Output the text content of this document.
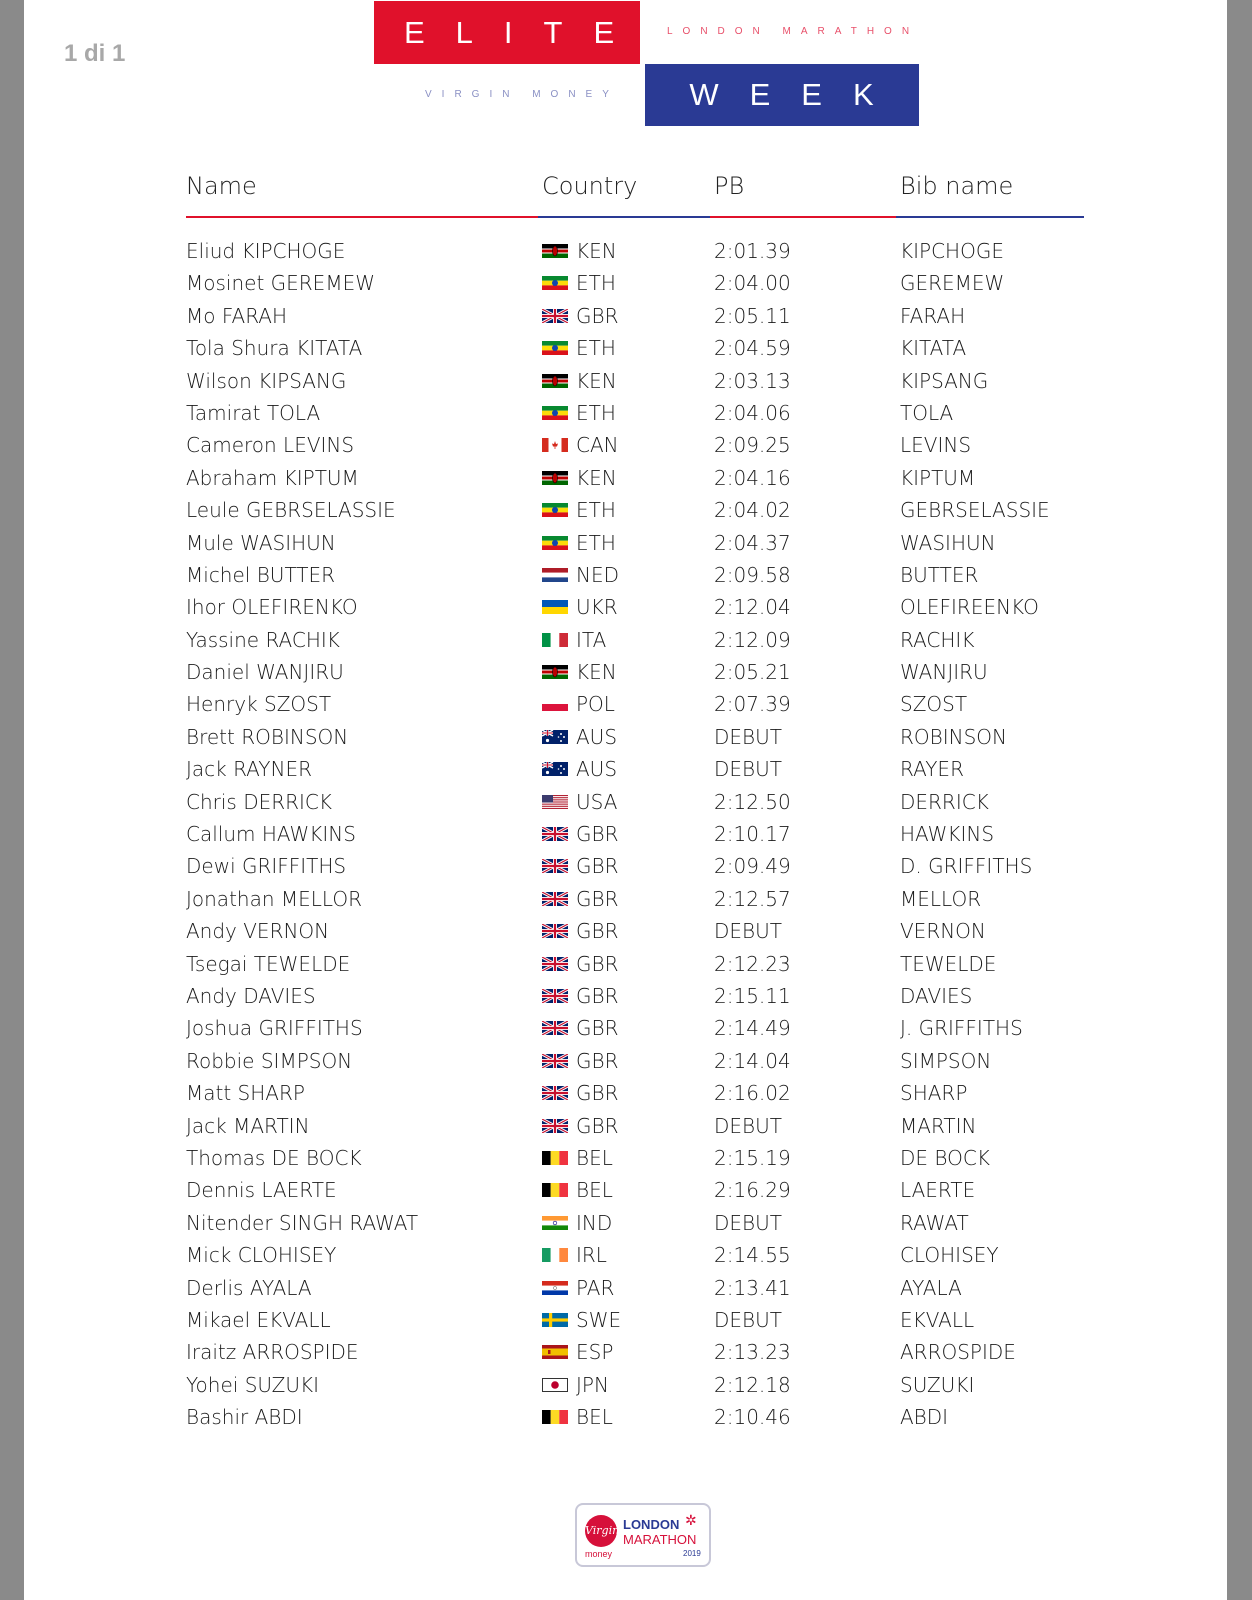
1 di 1
ELITE LONDON MARATHON
VIRGIN MONEY	WEEK
Name	Country	PB	Bib name
Eliud KIPCHOGE	KEN	2:01.39	KIPCHOGE
Mosinet GEREMEW	ETH	2:04.00	GEREMEW
Mo FARAH	GBR	2:05.11	FARAH
Tola Shura KITATA	ETH	2:04.59	KITATA
Wilson KIPSANG	KEN	2:03.13	KIPSANG
Tamirat TOLA	ETH	2:04.06	TOLA
Cameron LEVINS	CAN	2:09.25	LEVINS
Abraham KIPTUM	KEN	2:04.16	KIPTUM
Leule GEBRSELASSIE	ETH	2:04.02	GEBRSELASSIE
Mule WASIHUN	ETH	2:04.37	WASIHUN
Michel BUTTER	NED	2:09.58	BUTTER
Ihor OLEFIRENKO	UKR	2:12.04	OLEFIREENKO
Yassine RACHIK	ITA	2:12.09	RACHIK
Daniel WANJIRU	KEN	2:05.21	WANJIRU
Henryk SZOST	POL	2:07.39	SZOST
Brett ROBINSON	AUS	DEBUT	ROBINSON
Jack RAYNER	AUS	DEBUT	RAYER
Chris DERRICK	USA	2:12.50	DERRICK
Callum HAWKINS	GBR	2:10.17	HAWKINS
Dewi GRIFFITHS	GBR	2:09.49	D. GRIFFITHS
Jonathan MELLOR	GBR	2:12.57	MELLOR
Andy VERNON	GBR	DEBUT	VERNON
Tsegai TEWELDE	GBR	2:12.23	TEWELDE
Andy DAVIES	GBR	2:15.11	DAVIES
Joshua GRIFFITHS	GBR	2:14.49	J. GRIFFITHS
Robbie SIMPSON	GBR	2:14.04	SIMPSON
Matt SHARP	GBR	2:16.02	SHARP
Jack MARTIN	GBR	DEBUT	MARTIN
Thomas DE BOCK	BEL	2:15.19	DE BOCK
Dennis LAERTE	BEL	2:16.29	LAERTE
Nitender SINGH RAWAT	IND	DEBUT	RAWAT
Mick CLOHISEY	IRL	2:14.55	CLOHISEY
Derlis AYALA	PAR	2:13.41	AYALA
Mikael EKVALL	SWE	DEBUT	EKVALL
Iraitz ARROSPIDE	ESP	2:13.23	ARROSPIDE
Yohei SUZUKI	JPN	2:12.18	SUZUKI
Bashir ABDI	BEL	2:10.46	ABDI
Virgin
money
LONDON
MARATHON
2019
✲
